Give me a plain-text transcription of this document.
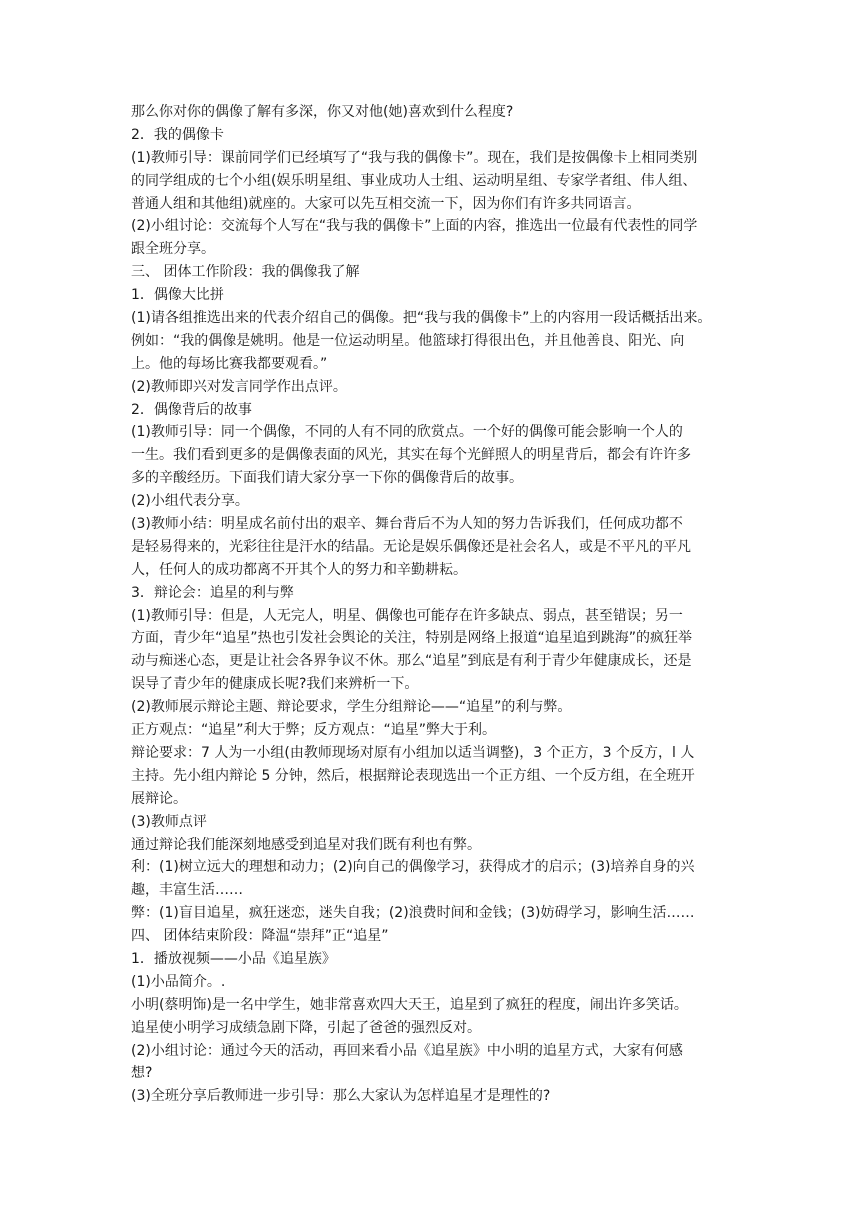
那么你对你的偶像了解有多深，你又对他(她)喜欢到什么程度?
2．我的偶像卡
(1)教师引导：课前同学们已经填写了“我与我的偶像卡”。现在，我们是按偶像卡上相同类别
的同学组成的七个小组(娱乐明星组、事业成功人士组、运动明星组、专家学者组、伟人组、
普通人组和其他组)就座的。大家可以先互相交流一下，因为你们有许多共同语言。
(2)小组讨论：交流每个人写在“我与我的偶像卡”上面的内容，推选出一位最有代表性的同学
跟全班分享。
三、 团体工作阶段：我的偶像我了解
1．偶像大比拼
(1)请各组推选出来的代表介绍自己的偶像。把“我与我的偶像卡”上的内容用一段话概括出来。
例如：“我的偶像是姚明。他是一位运动明星。他篮球打得很出色，并且他善良、阳光、向
上。他的每场比赛我都要观看。”
(2)教师即兴对发言同学作出点评。
2．偶像背后的故事
(1)教师引导：同一个偶像，不同的人有不同的欣赏点。一个好的偶像可能会影响一个人的
一生。我们看到更多的是偶像表面的风光，其实在每个光鲜照人的明星背后，都会有许许多
多的辛酸经历。下面我们请大家分享一下你的偶像背后的故事。
(2)小组代表分享。
(3)教师小结：明星成名前付出的艰辛、舞台背后不为人知的努力告诉我们，任何成功都不
是轻易得来的，光彩往往是汗水的结晶。无论是娱乐偶像还是社会名人，或是不平凡的平凡
人，任何人的成功都离不开其个人的努力和辛勤耕耘。
3．辩论会：追星的利与弊
(1)教师引导：但是，人无完人，明星、偶像也可能存在许多缺点、弱点，甚至错误；另一
方面，青少年“追星”热也引发社会舆论的关注，特别是网络上报道“追星追到跳海”的疯狂举
动与痴迷心态，更是让社会各界争议不休。那么“追星”到底是有利于青少年健康成长，还是
误导了青少年的健康成长呢?我们来辨析一下。
(2)教师展示辩论主题、辩论要求，学生分组辩论——“追星”的利与弊。
正方观点：“追星”利大于弊；反方观点：“追星”弊大于利。
辩论要求：7 人为一小组(由教师现场对原有小组加以适当调整)，3 个正方，3 个反方，l 人
主持。先小组内辩论 5 分钟，然后，根据辩论表现选出一个正方组、一个反方组，在全班开
展辩论。
(3)教师点评
通过辩论我们能深刻地感受到追星对我们既有利也有弊。
利：(1)树立远大的理想和动力；(2)向自己的偶像学习，获得成才的启示；(3)培养自身的兴
趣，丰富生活……
弊：(1)盲目追星，疯狂迷恋，迷失自我；(2)浪费时间和金钱；(3)妨碍学习，影响生活……
四、 团体结束阶段：降温“崇拜”正“追星”
1．播放视频——小品《追星族》
(1)小品简介。.
小明(蔡明饰)是一名中学生，她非常喜欢四大天王，追星到了疯狂的程度，闹出许多笑话。
追星使小明学习成绩急剧下降，引起了爸爸的强烈反对。
(2)小组讨论：通过今天的活动，再回来看小品《追星族》中小明的追星方式，大家有何感
想?
(3)全班分享后教师进一步引导：那么大家认为怎样追星才是理性的?
